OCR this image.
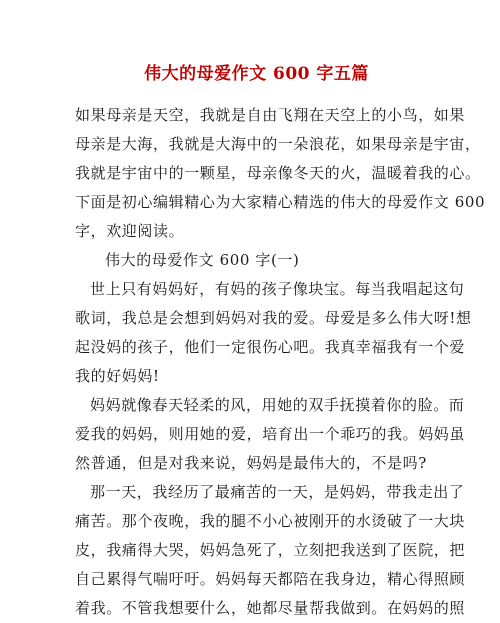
伟大的母爱作文 600 字五篇
如果母亲是天空，我就是自由飞翔在天空上的小鸟，如果
母亲是大海，我就是大海中的一朵浪花，如果母亲是宇宙，
我就是宇宙中的一颗星，母亲像冬天的火，温暖着我的心。
下面是初心编辑精心为大家精心精选的伟大的母爱作文 600
字，欢迎阅读。
伟大的母爱作文 600 字(一)
世上只有妈妈好，有妈的孩子像块宝。每当我唱起这句
歌词，我总是会想到妈妈对我的爱。母爱是多么伟大呀!想
起没妈的孩子，他们一定很伤心吧。我真幸福我有一个爱
我的好妈妈!
妈妈就像春天轻柔的风，用她的双手抚摸着你的脸。而
爱我的妈妈，则用她的爱，培育出一个乖巧的我。妈妈虽
然普通，但是对我来说，妈妈是最伟大的，不是吗?
那一天，我经历了最痛苦的一天，是妈妈，带我走出了
痛苦。那个夜晚，我的腿不小心被刚开的水烫破了一大块
皮，我痛得大哭，妈妈急死了，立刻把我送到了医院，把
自己累得气喘吁吁。妈妈每天都陪在我身边，精心得照顾
着我。不管我想要什么，她都尽量帮我做到。在妈妈的照
